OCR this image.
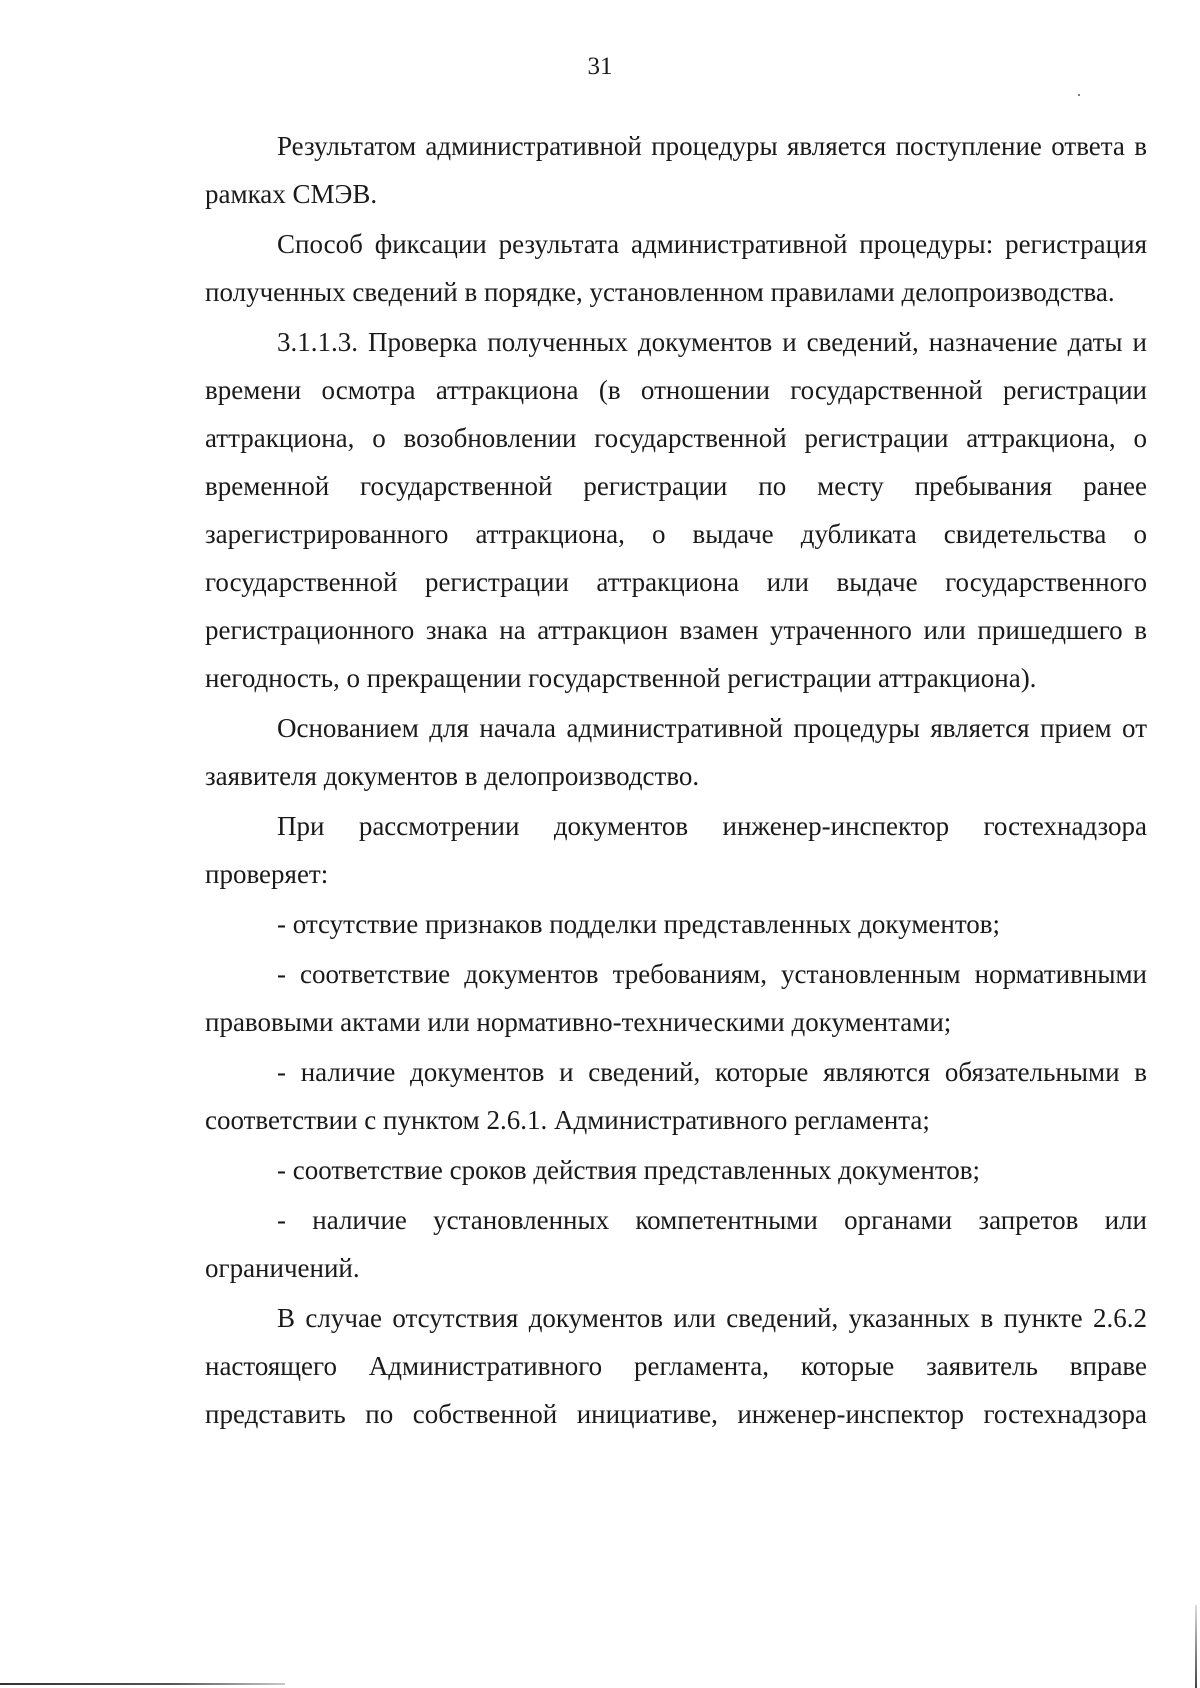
31

Результатом административной процедуры является поступление ответа в рамках СМЭВ.

Способ фиксации результата административной процедуры: регистрация полученных сведений в порядке, установленном правилами делопроизводства.

3.1.1.3. Проверка полученных документов и сведений, назначение даты и времени осмотра аттракциона (в отношении государственной регистрации аттракциона, о возобновлении государственной регистрации аттракциона, о временной государственной регистрации по месту пребывания ранее зарегистрированного аттракциона, о выдаче дубликата свидетельства о государственной регистрации аттракциона или выдаче государственного регистрационного знака на аттракцион взамен утраченного или пришедшего в негодность, о прекращении государственной регистрации аттракциона).

Основанием для начала административной процедуры является прием от заявителя документов в делопроизводство.

При рассмотрении документов инженер-инспектор гостехнадзора проверяет:

- отсутствие признаков подделки представленных документов;

- соответствие документов требованиям, установленным нормативными правовыми актами или нормативно-техническими документами;

- наличие документов и сведений, которые являются обязательными в соответствии с пунктом 2.6.1. Административного регламента;

- соответствие сроков действия представленных документов;

- наличие установленных компетентными органами запретов или ограничений.

В случае отсутствия документов или сведений, указанных в пункте 2.6.2 настоящего Административного регламента, которые заявитель вправе представить по собственной инициативе, инженер-инспектор гостехнадзора
